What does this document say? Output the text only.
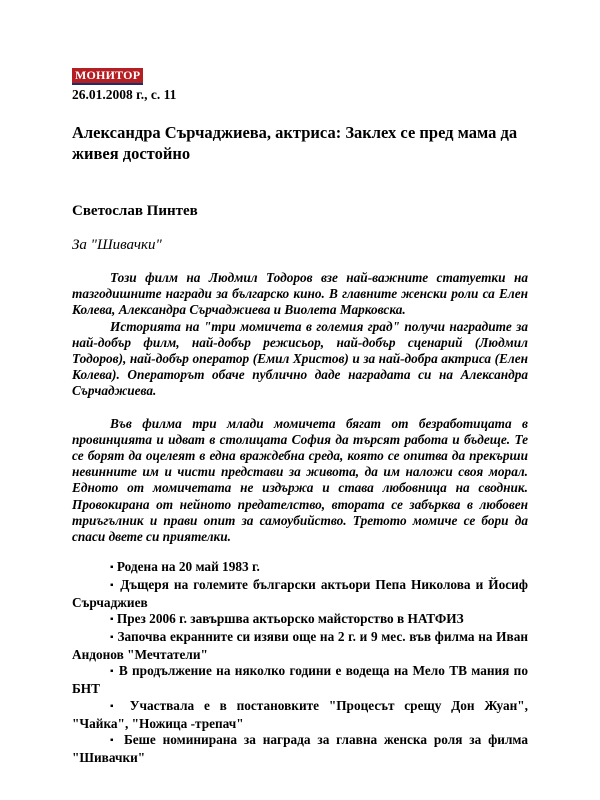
МОНИТОР
26.01.2008 г., с. 11
Александра Сърчаджиева, актриса: Заклех се пред мама да живея достойно
Светослав Пинтев
За "Шивачки"

Този филм на Людмил Тодоров взе най-важните статуетки на тазгодишните награди за българско кино. В главните женски роли са Елен Колева, Александра Сърчаджиева и Виолета Марковска.

Историята на "три момичета в големия град" получи наградите за най-добър филм, най-добър режисьор, най-добър сценарий (Людмил Тодоров), най-добър оператор (Емил Христов) и за най-добра актриса (Елен Колева). Операторът обаче публично даде наградата си на Александра Сърчаджиева.

Във филма три млади момичета бягат от безработицата в провинцията и идват в столицата София да търсят работа и бъдеще. Те се борят да оцелеят в една враждебна среда, която се опитва да прекърши невинните им и чисти представи за живота, да им наложи своя морал. Едното от момичетата не издържа и става любовница на сводник. Провокирана от нейното предателство, втората се забърква в любовен триъгълник и прави опит за самоубийство. Третото момиче се бори да спаси двете си приятелки.

▪ Родена на 20 май 1983 г.

▪ Дъщеря на големите български актьори Пепа Николова и Йосиф Сърчаджиев

▪ През 2006 г. завършва актьорско майсторство в НАТФИЗ

▪ Започва екранните си изяви още на 2 г. и 9 мес. във филма на Иван Андонов "Мечтатели"

▪ В продължение на няколко години е водеща на Мело ТВ мания по БНТ

▪ Участвала е в постановките "Процесът срещу Дон Жуан", "Чайка", "Ножица -трепач"

▪ Беше номинирана за награда за главна женска роля за филма "Шивачки"
